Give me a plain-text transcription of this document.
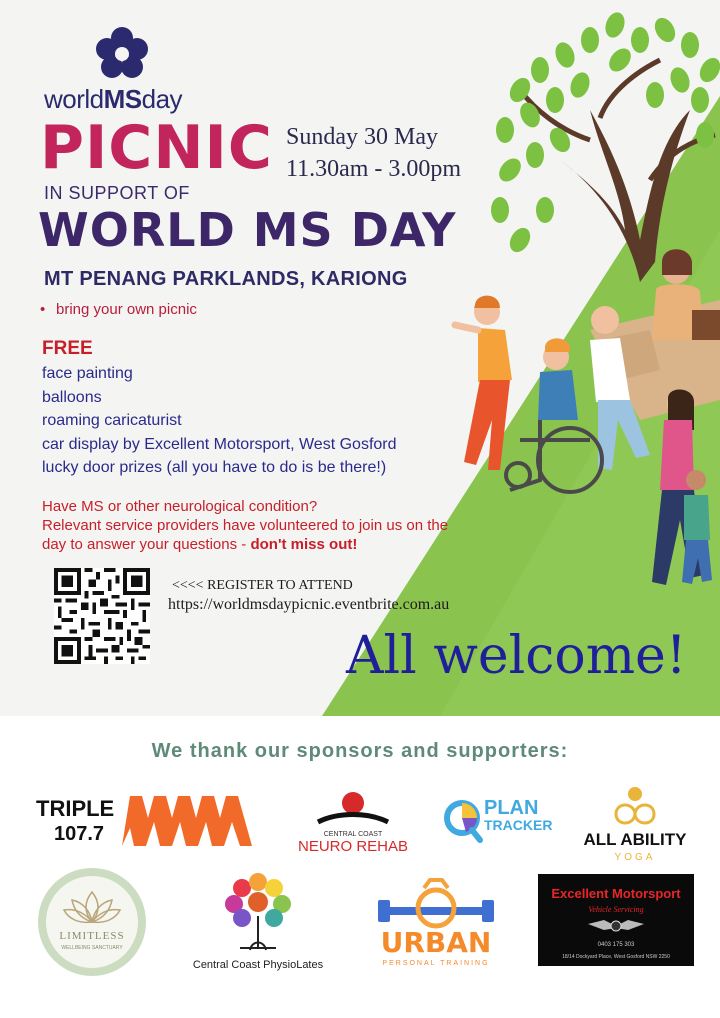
worldMSday
PICNIC
IN SUPPORT OF
WORLD MS DAY
Sunday 30 May
11.30am - 3.00pm
MT PENANG PARKLANDS, KARIONG
• bring your own picnic
FREE
face painting
balloons
roaming caricaturist
car display by Excellent Motorsport, West Gosford
lucky door prizes (all you have to do is be there!)
Have MS or other neurological condition?
Relevant service providers have volunteered to join us on the day to answer your questions - don't miss out!
<<<< REGISTER TO ATTEND
https://worldmsdaypicnic.eventbrite.com.au
All welcome!
We thank our sponsors and supporters:
TRIPLE
107.7	CENTRAL COAST
NEURO REHAB
PLAN
TRACKER
ALL ABILITY
YOGA
LIMITLESS
WELLBEING SANCTUARY
Central Coast PhysioLates
URBAN
PERSONAL TRAINING
Excellent Motorsport
Vehicle Servicing
0403 175 303
18/14 Dockyard Place, West Gosford NSW 2250
